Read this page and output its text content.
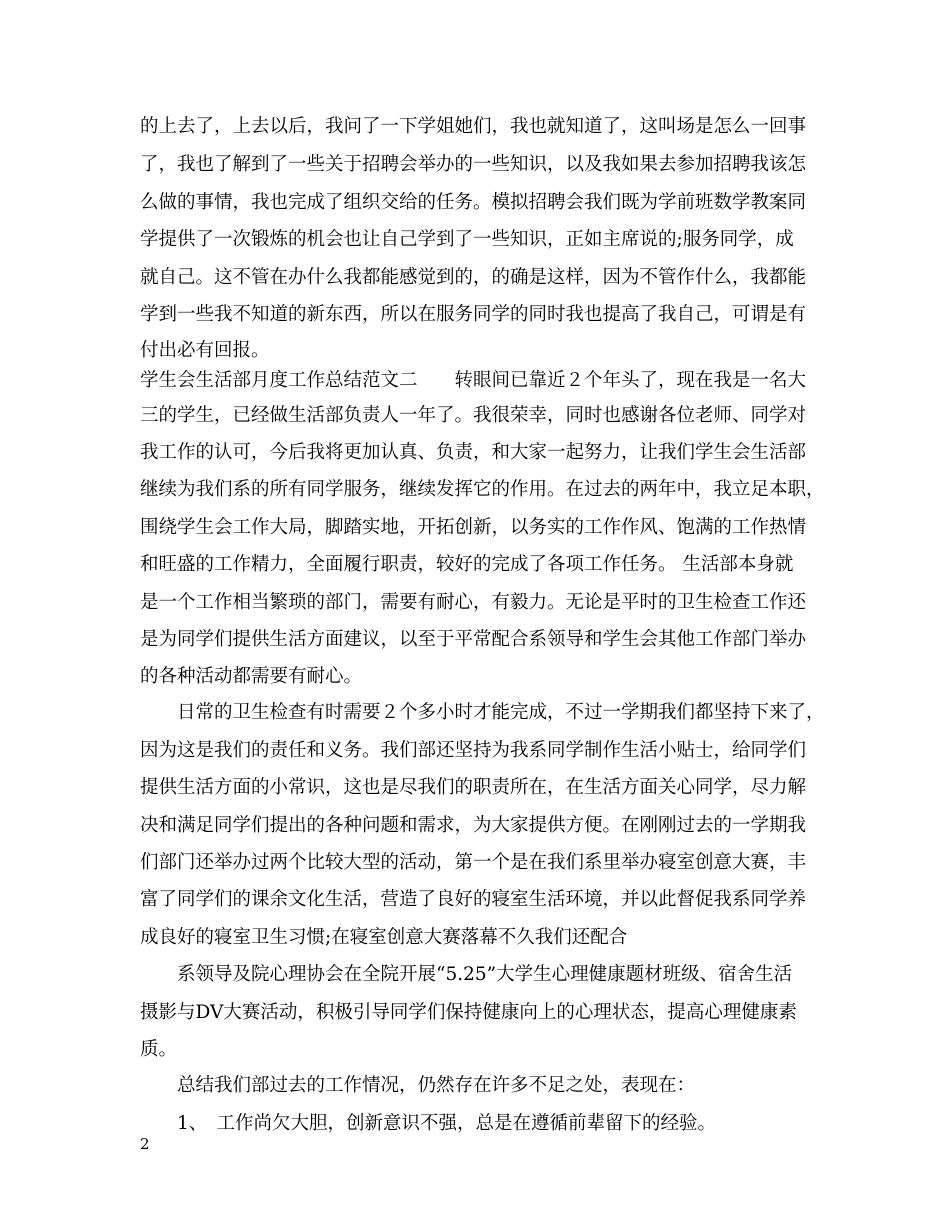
的上去了，上去以后，我问了一下学姐她们，我也就知道了，这叫场是怎么一回事
了，我也了解到了一些关于招聘会举办的一些知识，以及我如果去参加招聘我该怎
么做的事情，我也完成了组织交给的任务。模拟招聘会我们既为学前班数学教案同
学提供了一次锻炼的机会也让自己学到了一些知识，正如主席说的;服务同学，成
就自己。这不管在办什么我都能感觉到的，的确是这样，因为不管作什么，我都能
学到一些我不知道的新东西，所以在服务同学的同时我也提高了我自己，可谓是有
付出必有回报。
学生会生活部月度工作总结范文二　　转眼间已靠近２个年头了，现在我是一名大
三的学生，已经做生活部负责人一年了。我很荣幸，同时也感谢各位老师、同学对
我工作的认可，今后我将更加认真、负责，和大家一起努力，让我们学生会生活部
继续为我们系的所有同学服务，继续发挥它的作用。在过去的两年中，我立足本职，
围绕学生会工作大局，脚踏实地，开拓创新，以务实的工作作风、饱满的工作热情
和旺盛的工作精力，全面履行职责，较好的完成了各项工作任务。 生活部本身就
是一个工作相当繁琐的部门，需要有耐心，有毅力。无论是平时的卫生检查工作还
是为同学们提供生活方面建议，以至于平常配合系领导和学生会其他工作部门举办
的各种活动都需要有耐心。
日常的卫生检查有时需要２个多小时才能完成，不过一学期我们都坚持下来了，
因为这是我们的责任和义务。我们部还坚持为我系同学制作生活小贴士，给同学们
提供生活方面的小常识，这也是尽我们的职责所在，在生活方面关心同学，尽力解
决和满足同学们提出的各种问题和需求，为大家提供方便。在刚刚过去的一学期我
们部门还举办过两个比较大型的活动，第一个是在我们系里举办寝室创意大赛，丰
富了同学们的课余文化生活，营造了良好的寝室生活环境，并以此督促我系同学养
成良好的寝室卫生习惯;在寝室创意大赛落幕不久我们还配合
系领导及院心理协会在全院开展“5.25”大学生心理健康题材班级、宿舍生活
摄影与DV大赛活动，积极引导同学们保持健康向上的心理状态，提高心理健康素
质。
总结我们部过去的工作情况，仍然存在许多不足之处，表现在：
1、　工作尚欠大胆，创新意识不强，总是在遵循前辈留下的经验。
2
